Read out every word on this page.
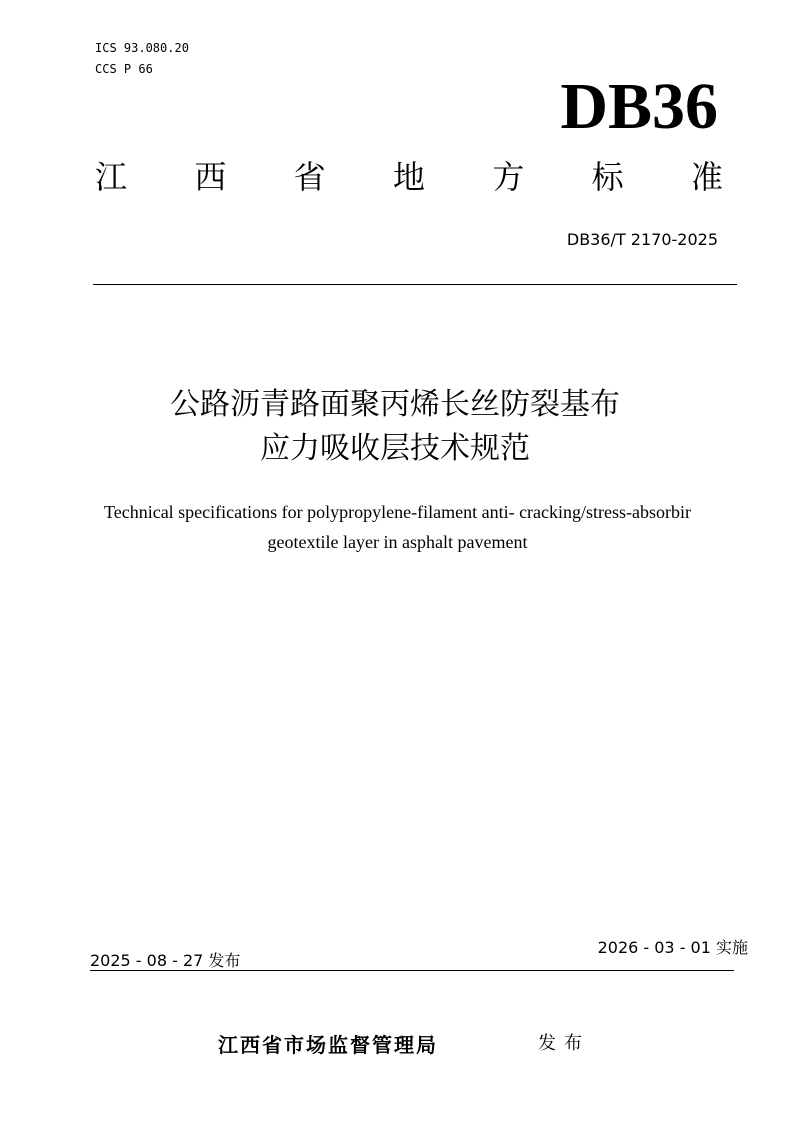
ICS 93.080.20
CCS P 66
DB36
江 西 省 地 方 标 准
DB36/T 2170-2025
公路沥青路面聚丙烯长丝防裂基布
应力吸收层技术规范
Technical specifications for polypropylene-filament anti- cracking/stress-absorbir
geotextile layer in asphalt pavement
2026 - 03 - 01 实施
2025 - 08 - 27 发布
江西省市场监督管理局	发布
